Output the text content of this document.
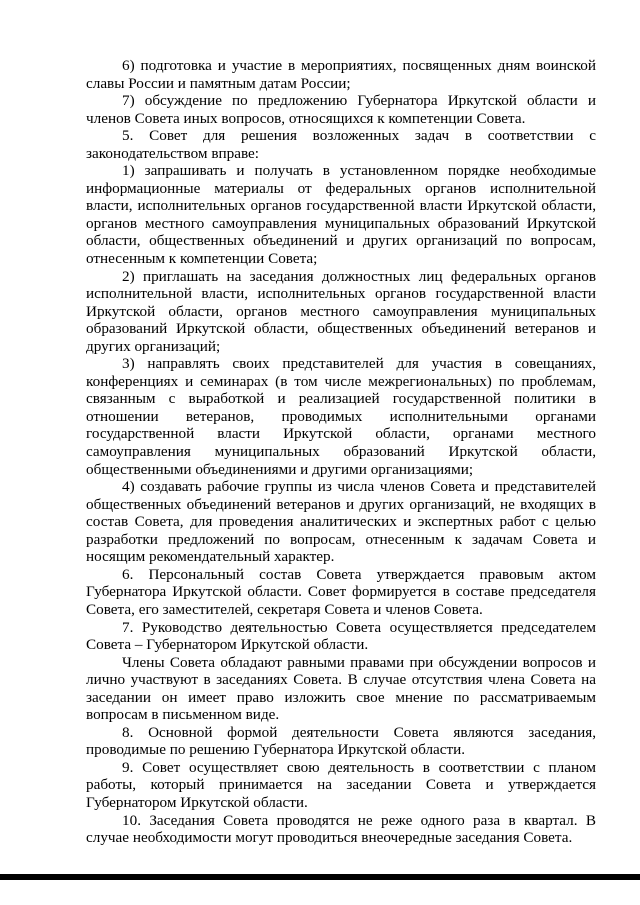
6) подготовка и участие в мероприятиях, посвященных дням воинской славы России и памятным датам России;

7) обсуждение по предложению Губернатора Иркутской области и членов Совета иных вопросов, относящихся к компетенции Совета.

5. Совет для решения возложенных задач в соответствии с законодательством вправе:

1) запрашивать и получать в установленном порядке необходимые информационные материалы от федеральных органов исполнительной власти, исполнительных органов государственной власти Иркутской области, органов местного самоуправления муниципальных образований Иркутской области, общественных объединений и других организаций по вопросам, отнесенным к компетенции Совета;

2) приглашать на заседания должностных лиц федеральных органов исполнительной власти, исполнительных органов государственной власти Иркутской области, органов местного самоуправления муниципальных образований Иркутской области, общественных объединений ветеранов и других организаций;

3) направлять своих представителей для участия в совещаниях, конференциях и семинарах (в том числе межрегиональных) по проблемам, связанным с выработкой и реализацией государственной политики в отношении ветеранов, проводимых исполнительными органами государственной власти Иркутской области, органами местного самоуправления муниципальных образований Иркутской области, общественными объединениями и другими организациями;

4) создавать рабочие группы из числа членов Совета и представителей общественных объединений ветеранов и других организаций, не входящих в состав Совета, для проведения аналитических и экспертных работ с целью разработки предложений по вопросам, отнесенным к задачам Совета и носящим рекомендательный характер.

6. Персональный состав Совета утверждается правовым актом Губернатора Иркутской области. Совет формируется в составе председателя Совета, его заместителей, секретаря Совета и членов Совета.

7. Руководство деятельностью Совета осуществляется председателем Совета – Губернатором Иркутской области.

Члены Совета обладают равными правами при обсуждении вопросов и лично участвуют в заседаниях Совета. В случае отсутствия члена Совета на заседании он имеет право изложить свое мнение по рассматриваемым вопросам в письменном виде.

8. Основной формой деятельности Совета являются заседания, проводимые по решению Губернатора Иркутской области.

9. Совет осуществляет свою деятельность в соответствии с планом работы, который принимается на заседании Совета и утверждается Губернатором Иркутской области.

10. Заседания Совета проводятся не реже одного раза в квартал. В случае необходимости могут проводиться внеочередные заседания Совета.
